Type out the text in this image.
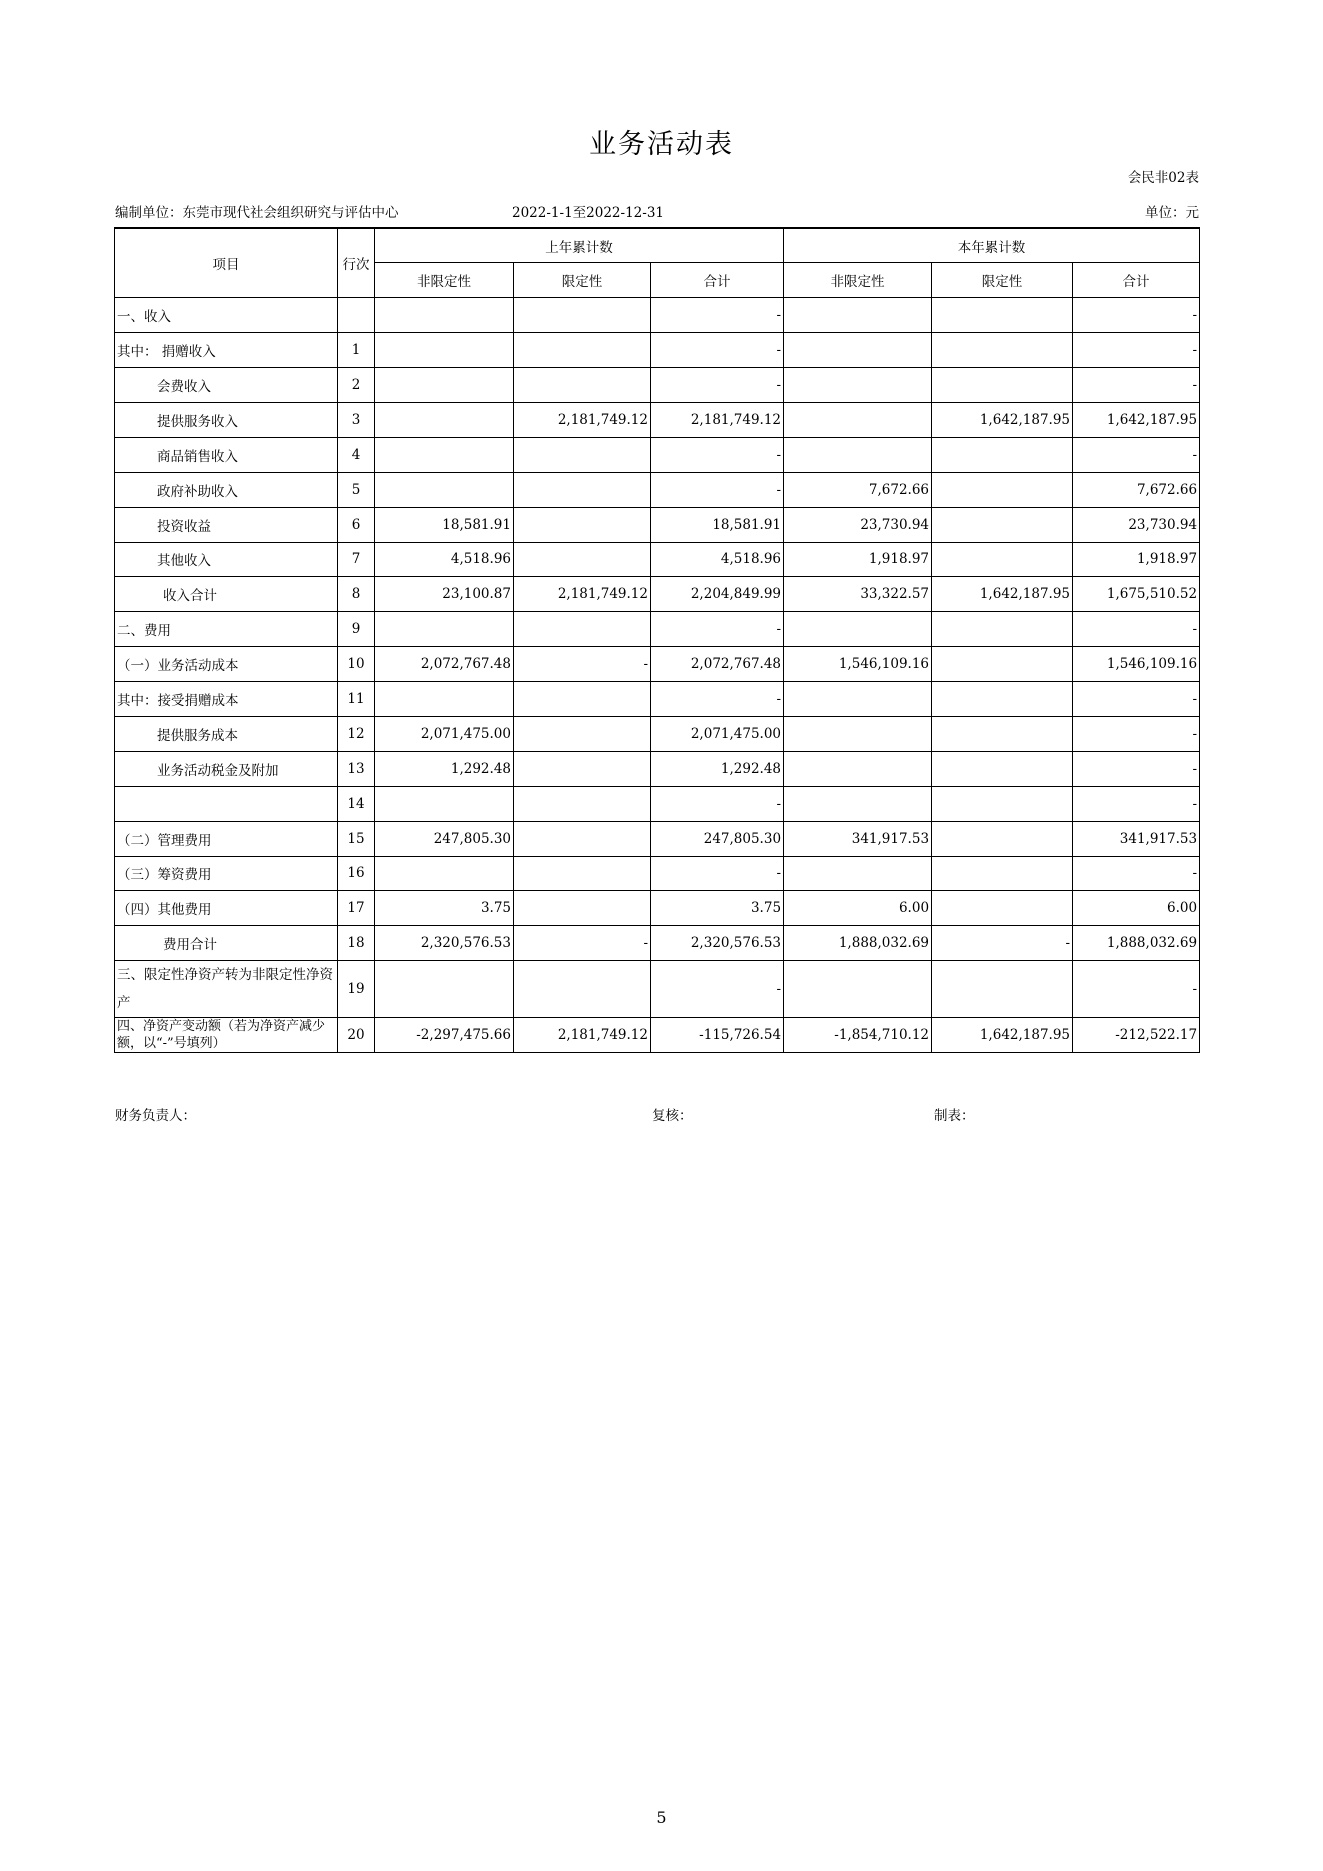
业务活动表
会民非02表
编制单位：东莞市现代社会组织研究与评估中心	2022-1-1至2022-12-31	单位：元
项目	行次	上年累计数			本年累计数		
		非限定性	限定性	合计	非限定性	限定性	合计
一、收入				-			-
其中： 捐赠收入	1			-			-
会费收入	2			-			-
提供服务收入	3		2,181,749.12	2,181,749.12		1,642,187.95	1,642,187.95
商品销售收入	4			-			-
政府补助收入	5			-	7,672.66		7,672.66
投资收益	6	18,581.91		18,581.91	23,730.94		23,730.94
其他收入	7	4,518.96		4,518.96	1,918.97		1,918.97
收入合计	8	23,100.87	2,181,749.12	2,204,849.99	33,322.57	1,642,187.95	1,675,510.52
二、费用	9			-			-
（一）业务活动成本	10	2,072,767.48	-	2,072,767.48	1,546,109.16		1,546,109.16
其中：接受捐赠成本	11			-			-
提供服务成本	12	2,071,475.00		2,071,475.00			-
业务活动税金及附加	13	1,292.48		1,292.48			-
	14			-			-
（二）管理费用	15	247,805.30		247,805.30	341,917.53		341,917.53
（三）筹资费用	16			-			-
（四）其他费用	17	3.75		3.75	6.00		6.00
费用合计	18	2,320,576.53	-	2,320,576.53	1,888,032.69	-	1,888,032.69
三、限定性净资产转为非限定性净资产	19			-			-
四、净资产变动额（若为净资产减少额，以“-”号填列）	20	-2,297,475.66	2,181,749.12	-115,726.54	-1,854,710.12	1,642,187.95	-212,522.17
财务负责人：	复核：	制表：
5
